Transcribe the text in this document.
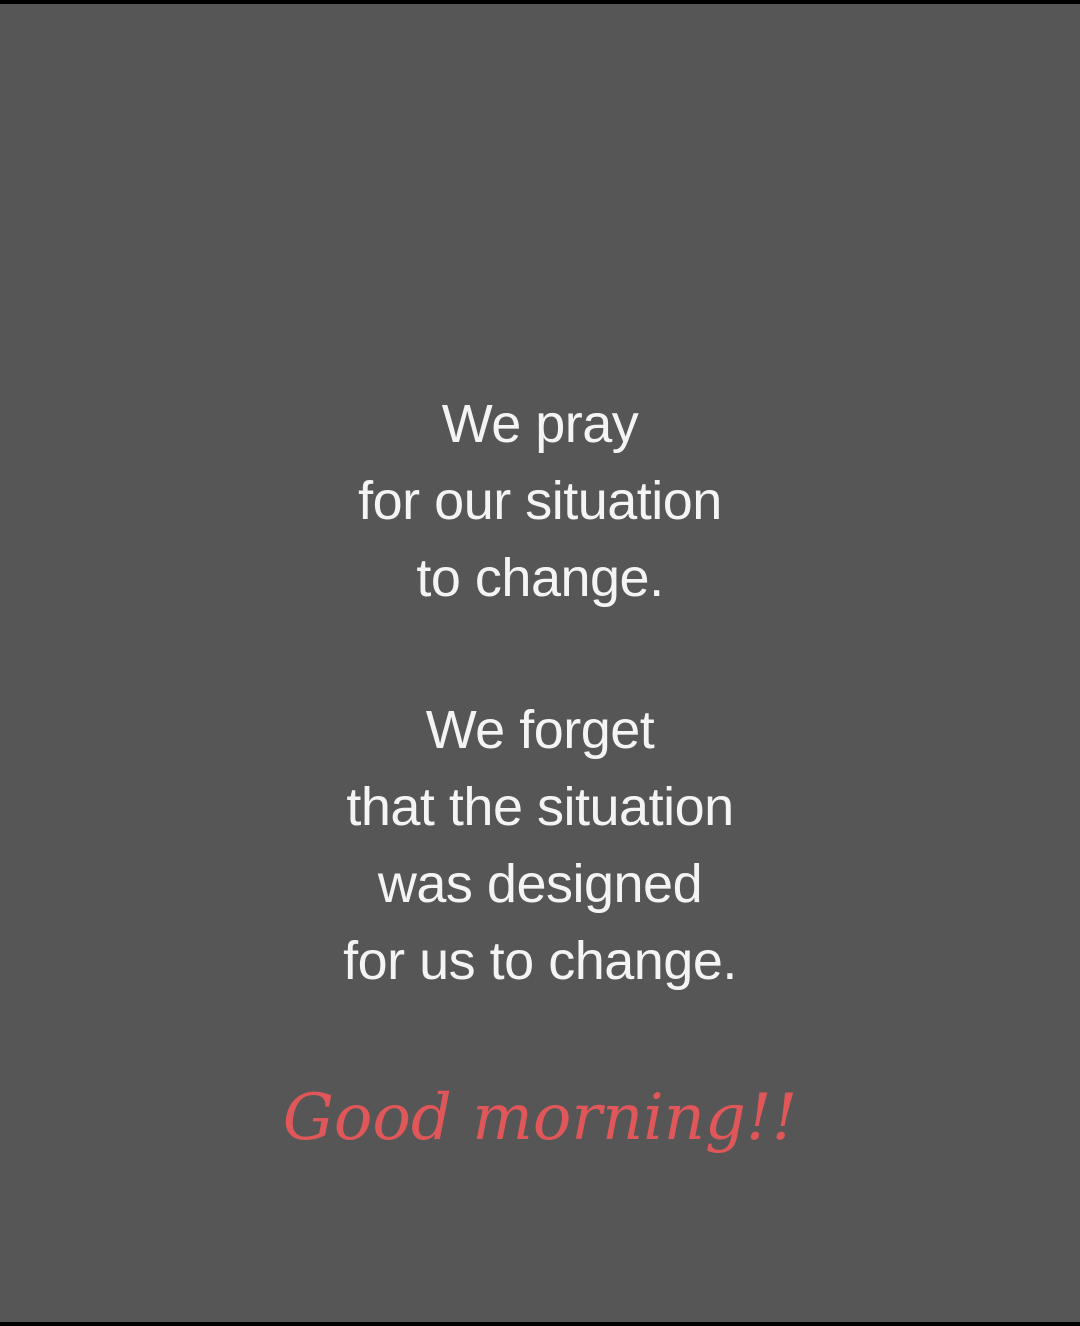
We pray
for our situation
to change.
We forget
that the situation
was designed
for us to change.
Good morning!!
